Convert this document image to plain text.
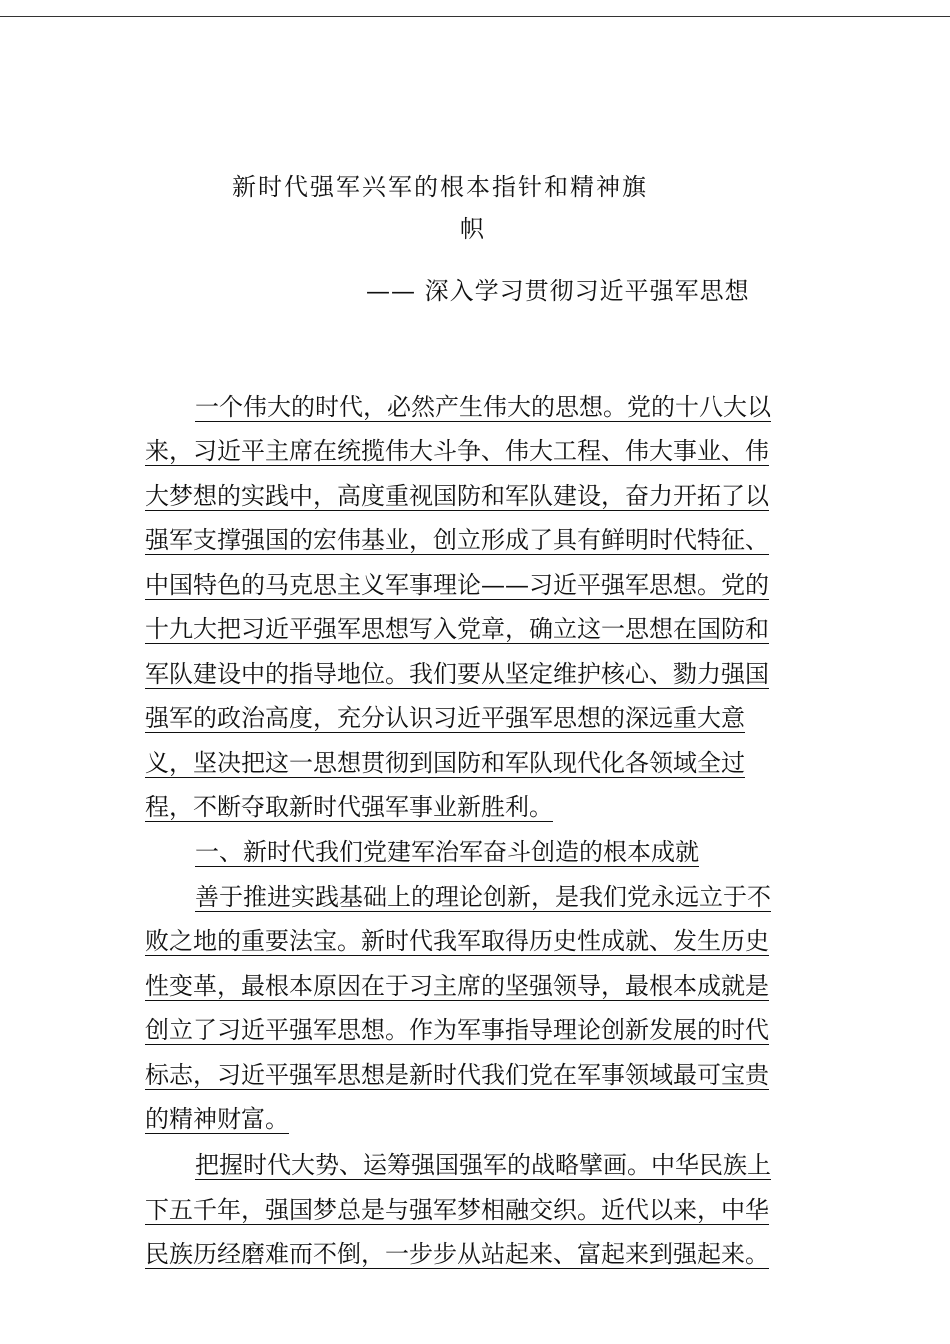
新时代强军兴军的根本指针和精神旗
帜
—— 深入学习贯彻习近平强军思想
一个伟大的时代，必然产生伟大的思想。党的十八大以
来，习近平主席在统揽伟大斗争、伟大工程、伟大事业、伟
大梦想的实践中，高度重视国防和军队建设，奋力开拓了以
强军支撑强国的宏伟基业，创立形成了具有鲜明时代特征、
中国特色的马克思主义军事理论——习近平强军思想。党的
十九大把习近平强军思想写入党章，确立这一思想在国防和
军队建设中的指导地位。我们要从坚定维护核心、勠力强国
强军的政治高度，充分认识习近平强军思想的深远重大意
义，坚决把这一思想贯彻到国防和军队现代化各领域全过
程，不断夺取新时代强军事业新胜利。
一、新时代我们党建军治军奋斗创造的根本成就
善于推进实践基础上的理论创新，是我们党永远立于不
败之地的重要法宝。新时代我军取得历史性成就、发生历史
性变革，最根本原因在于习主席的坚强领导，最根本成就是
创立了习近平强军思想。作为军事指导理论创新发展的时代
标志，习近平强军思想是新时代我们党在军事领域最可宝贵
的精神财富。
把握时代大势、运筹强国强军的战略擘画。中华民族上
下五千年，强国梦总是与强军梦相融交织。近代以来，中华
民族历经磨难而不倒，一步步从站起来、富起来到强起来。
